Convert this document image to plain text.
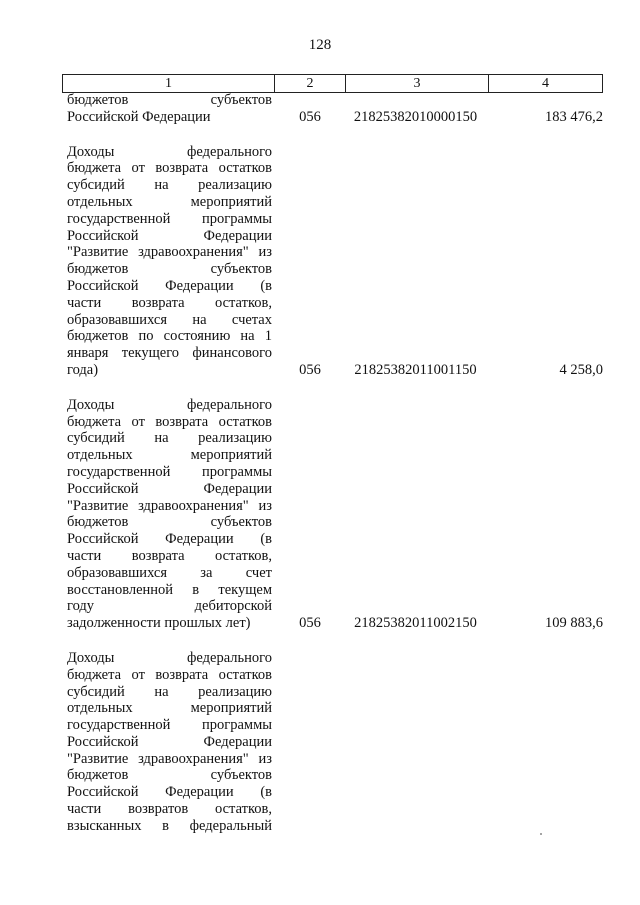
128
1	2	3	4
бюджетов субъектов
Российской Федерации	056	21825382010000150	183 476,2
Доходы федерального
бюджета от возврата остатков
субсидий на реализацию
отдельных мероприятий
государственной программы
Российской Федерации
"Развитие здравоохранения" из
бюджетов субъектов
Российской Федерации (в
части возврата остатков,
образовавшихся на счетах
бюджетов по состоянию на 1
января текущего финансового
года)	056	21825382011001150	4 258,0
Доходы федерального
бюджета от возврата остатков
субсидий на реализацию
отдельных мероприятий
государственной программы
Российской Федерации
"Развитие здравоохранения" из
бюджетов субъектов
Российской Федерации (в
части возврата остатков,
образовавшихся за счет
восстановленной в текущем
году дебиторской
задолженности прошлых лет)	056	21825382011002150	109 883,6
Доходы федерального
бюджета от возврата остатков
субсидий на реализацию
отдельных мероприятий
государственной программы
Российской Федерации
"Развитие здравоохранения" из
бюджетов субъектов
Российской Федерации (в
части возвратов остатков,
взысканных в федеральный
